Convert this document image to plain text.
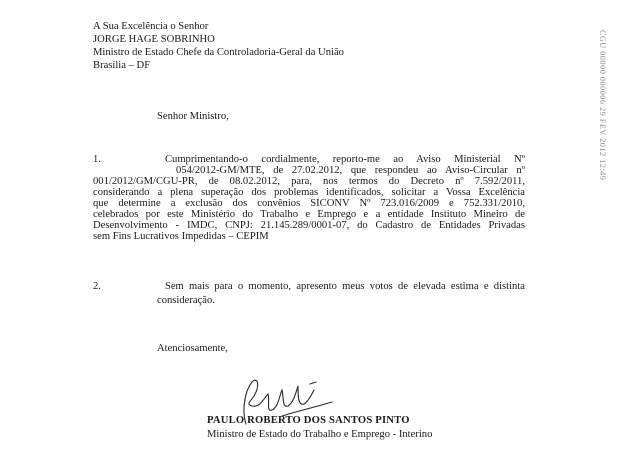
A Sua Excelência o Senhor
JORGE HAGE SOBRINHO
Ministro de Estado Chefe da Controladoria-Geral da União
Brasília – DF
Senhor Ministro,
1.	Cumprimentando-o cordialmente, reporto-me ao Aviso Ministerial Nº
054/2012-GM/MTE, de 27.02.2012, que respondeu ao Aviso-Circular nº
001/2012/GM/CGU-PR, de 08.02.2012, para, nos termos do Decreto nº 7.592/2011,
considerando a plena superação dos problemas identificados, solicitar a Vossa Excelência
que determine a exclusão dos convênios SICONV Nº 723.016/2009 e 752.331/2010,
celebrados por este Ministério do Trabalho e Emprego e a entidade Instituto Mineiro de
Desenvolvimento - IMDC, CNPJ: 21.145.289/0001-07, do Cadastro de Entidades Privadas
sem Fins Lucrativos Impedidas – CEPIM
2.	Sem mais para o momento, apresento meus votos de elevada estima e distinta
consideração.
Atenciosamente,
PAULO ROBERTO DOS SANTOS PINTO
Ministro de Estado do Trabalho e Emprego - Interino
CGU 00000 000006 29 FEV 2012 12:49
